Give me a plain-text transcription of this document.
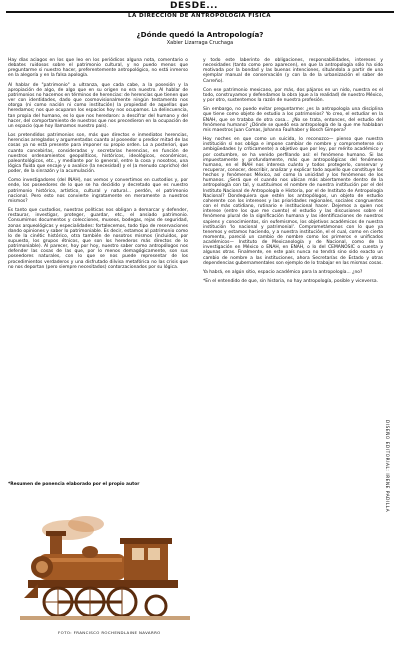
DESDE...
LA DIRECCIÓN DE ANTROPOLOGÍA FÍSICA
¿Dónde quedó la Antropología?
Xabier Lizarraga Cruchaga

Hay días aciagos en los que leo en los periódicos alguna nota, comentario o debates ruidosos sobre el patrimonio cultural, y no puedo menos que preguntarme si nuestro hacer, preferentemente antropológico, no está inmerso en la alegoría y en la falsa apología.

Al hablar de "patrimonio" a ultranza, que cada cabe, a la posesión y la apropiación de algo, de algo que en su origen no era nuestro. Al hablar de patrimonios no hacemos en términos de herencias: de herencias que tienen que ver con identidades, dado que cosmovisionalmente ningún testamento nos otorga (ni como nación ni como institución) la propiedad de aquellas que heredamos; nos que ocuparon los espacios hoy nos ocupamos. La delincuencia, tan propia del humano, es lo que nos heredaron: a descifrar del humano y del hacer, del comportamiento de nuestros que nos precedieron en la ocupación de un espacio (que hoy llamamos nuestro país).

Los pretendidos patrimonios son, más que directos e inmediatos herencias, herencias arreglados y argumentadas cuanto al poseedor o predior mitad de las cosas ya no está presente para imponer su propio orden. Lo a posteriori, que cuanto concebirlas, consideradas y secretarias herencias, en función de nuestros ordenamientos geopolíticos, históricos, ideológicos, económicos, paleontológicos, etc., y mediante por lo general, entre la cosa y nosotros, una lógica fluida que encaje y o avalice (la necesidad) y el (a menudo capricho) del poder, de la sinrazón y la acumulación.

Como investigadores (del INAH), nos vemos y convertimos en custodios y, por ende, los poseedores de lo que se ha decidido y decretado que es nuestro patrimonio histórico, artístico, cultural y natural... perdón, el patrimonio nacional. Pero esto nos convierte ingratamente en meramente a nuestros mismos?

Es tanto que custodios, nuestras políticas nos obligan a demarcar y defender, restaurar, investigar, proteger, guardar, etc., el ansiado patrimonio. Consumimos documentos y colecciones, museos, bodegas, rejas de seguridad, zonas arqueológicas y especialidades: fortalecemos, todo tipo de reservaciones dando opiniones y saber lo patrimoniable. Es decir, estamos al patrimonio como lo de la cinétic histórico, otra también de nosotros mismos (incluidos, por supuesto, los grupos étnicos, que son los herederos más directos de lo patrimoniable). Al parecer, hoy por hoy, nuestro saber como antropólogos nos defender las cosas de las que, por lo menos demagógicamente, son sus poseedores naturales, con lo que se nos puede representar de los procedimientos verdaderos y una disfrutado dilvisa metafórica no las crisis que no nos deportan (pero siempre necesitados) contorzacionados por su lógica.

*Resumen de ponencia elaborado por el propio autor

y todo este laberinto de obligaciones, responsabilidades, intereses y necesidades (tanto como pero aparecen), en que la antropología sólo ha sido motivada por la bondad y las buenas intenciones, situándola a partir de una ejemplar manual de conservación (y con la de la urbanización el saber de Carreño).

Con ese patrimonio mexicano, por más, dos pájaros en un nido, nuestra es el todo, construyamos y defendamos la obra (que a la realidad) de nuestro México, y por otro, sustentemos la razón de nuestra profesión.

Sin embargo, no puedo evitar preguntarme: ¿es la antropología una disciplina que tiene como objeto de estudio a los patrimonios? Yo creo, el estudiar en la ENAH, que se trataba de otra cosa... ¿No se trata, entonces, del estudio del fenómeno humano? ¿Dónde se quedó esa antropología de la que me hablaban mis maestros Juan Comas, Johanna Faulhaber y Bosch Gimpera?

Hoy noches en que como un suicida, lo reconozco— pienso que nuestra institución sí nos obliga e impone cambiar de nombre y comprometerse sin ambigüedades (y críticamente) a objetivo que por ley, por mérito académico y por costumbre, se ha venido perfilando así: el fenómeno humano. Si las impuestamente y profundamente, más que antropológicas del fenómeno humano, en el INAH nos interesa cuánto y todos protegerlo, conservar y recuperar, conocer, describir, analizar y explicar todo aquello que constituye los hechos y fenómenos México, así como la unicidad y los fenómenos de los humanos. ¿Será que el cuando nos ubican más abiertamente dentro de la antropología con tal, y sustituimos el nombre de nuestra institución por el del Instituto Nacional de Antropología e Historia, por el de Instituto de Antropología Nacional? Dondequiera que estén los antropólogos, un objeto de estudio coherente con los intereses y las prioridades regionales, sociales congruentes con el más cotidiano, rutinario e institucional hacer. Dejemos a quien nos interese (entre los que me cuento) el estudio y las discusiones sobre el fenómeno plural de la significación humana y las identificaciones de nuestros sapiens y conocimientos, sin eufemismos, los objetivos académicos de nuestra institución 'lo nacional y patrimonial'. Comprometámonos con lo que ya tenemos y estamos haciendo, y a nuestra institución, el el cual, como en cierto momento, pareció un cambio de nombre como los primeros e unificados académicos— Instituto de Mexicanología y de Nacional, como de la investigación en México o ENAH, en ENAH, o lo del CEMANOSIC o cuenta y algunas otras. Finalmente, en este país nunca no tendrá sino sido exacto un cambio de nombre a las instituciones, ahora Secretarías de Estado y otras dependencias gubernamentales son ejemplo de lo trabajar en las mismas cosas.

Ya habrá, en algún sitio, espacio académico para la antropología... ¿no?

*En el entendido de que, sin historia, no hay antropología, posible y viceversa.

FOTO: FRANCISCO ROCHENDLAINE NAVARRO
DISEÑO EDITORIAL: IRENE PADILLA
